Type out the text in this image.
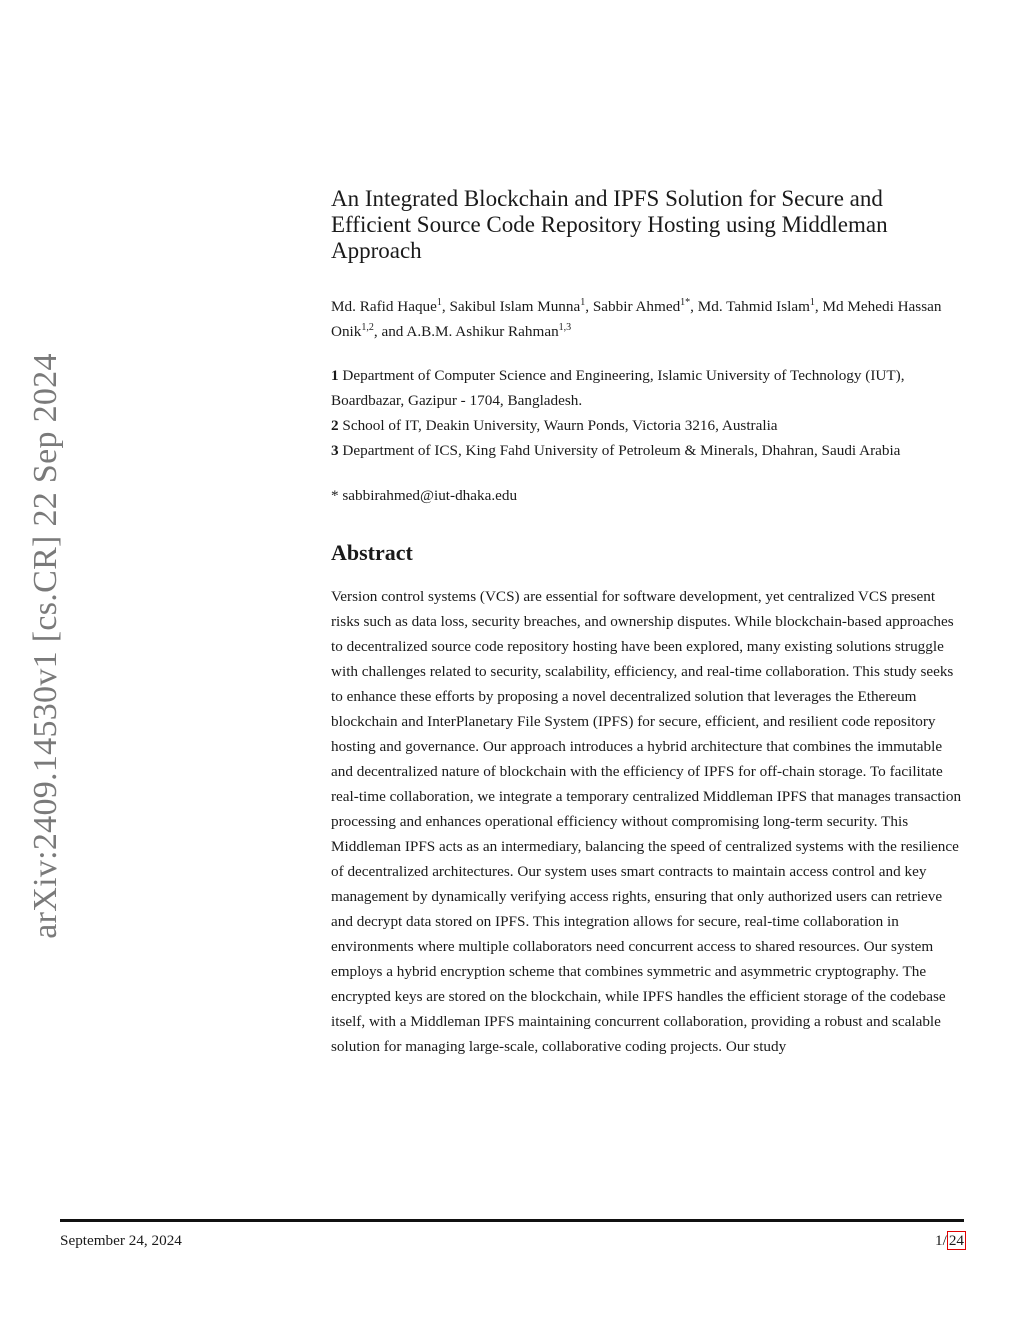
arXiv:2409.14530v1 [cs.CR] 22 Sep 2024
An Integrated Blockchain and IPFS Solution for Secure and Efficient Source Code Repository Hosting using Middleman Approach
Md. Rafid Haque$^1$, Sakibul Islam Munna$^1$, Sabbir Ahmed$^{1*}$, Md. Tahmid Islam$^1$, Md Mehedi Hassan Onik$^{1,2}$, and A.B.M. Ashikur Rahman$^{1,3}$
1 Department of Computer Science and Engineering, Islamic University of Technology (IUT), Boardbazar, Gazipur - 1704, Bangladesh.
2 School of IT, Deakin University, Waurn Ponds, Victoria 3216, Australia
3 Department of ICS, King Fahd University of Petroleum & Minerals, Dhahran, Saudi Arabia
* sabbirahmed@iut-dhaka.edu
Abstract
Version control systems (VCS) are essential for software development, yet centralized VCS present risks such as data loss, security breaches, and ownership disputes. While blockchain-based approaches to decentralized source code repository hosting have been explored, many existing solutions struggle with challenges related to security, scalability, efficiency, and real-time collaboration. This study seeks to enhance these efforts by proposing a novel decentralized solution that leverages the Ethereum blockchain and InterPlanetary File System (IPFS) for secure, efficient, and resilient code repository hosting and governance. Our approach introduces a hybrid architecture that combines the immutable and decentralized nature of blockchain with the efficiency of IPFS for off-chain storage. To facilitate real-time collaboration, we integrate a temporary centralized Middleman IPFS that manages transaction processing and enhances operational efficiency without compromising long-term security. This Middleman IPFS acts as an intermediary, balancing the speed of centralized systems with the resilience of decentralized architectures. Our system uses smart contracts to maintain access control and key management by dynamically verifying access rights, ensuring that only authorized users can retrieve and decrypt data stored on IPFS. This integration allows for secure, real-time collaboration in environments where multiple collaborators need concurrent access to shared resources. Our system employs a hybrid encryption scheme that combines symmetric and asymmetric cryptography. The encrypted keys are stored on the blockchain, while IPFS handles the efficient storage of the codebase itself, with a Middleman IPFS maintaining concurrent collaboration, providing a robust and scalable solution for managing large-scale, collaborative coding projects. Our study
September 24, 2024	1/ 24
